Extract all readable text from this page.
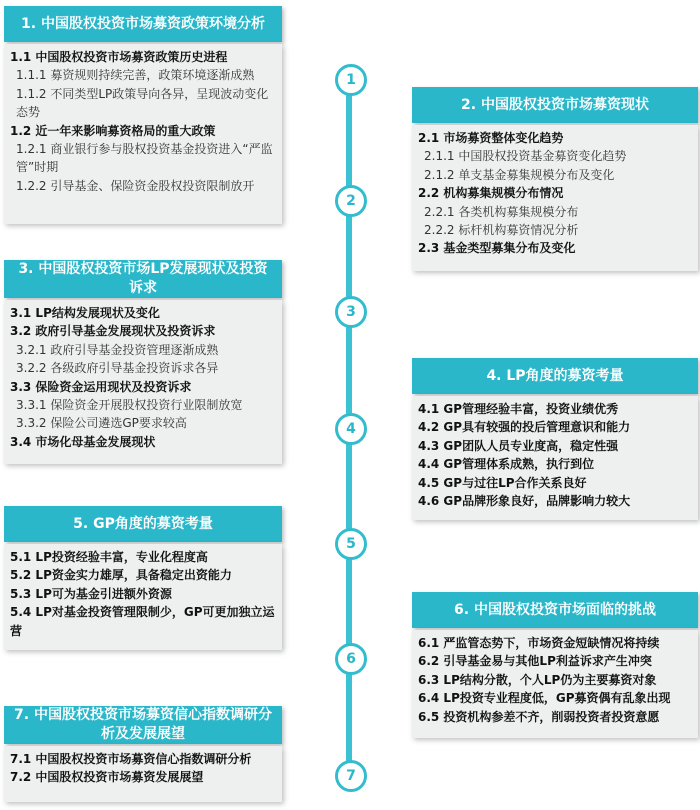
1
2
3
4
5
6
7
1. 中国股权投资市场募资政策环境分析
1.1 中国股权投资市场募资政策历史进程
1.1.1 募资规则持续完善，政策环境逐渐成熟
1.1.2 不同类型LP政策导向各异，呈现波动变化态势
1.2 近一年来影响募资格局的重大政策
1.2.1 商业银行参与股权投资基金投资进入“严监管”时期
1.2.2 引导基金、保险资金股权投资限制放开
2. 中国股权投资市场募资现状
2.1 市场募资整体变化趋势
2.1.1 中国股权投资基金募资变化趋势
2.1.2 单支基金募集规模分布及变化
2.2 机构募集规模分布情况
2.2.1 各类机构募集规模分布
2.2.2 标杆机构募资情况分析
2.3 基金类型募集分布及变化
3. 中国股权投资市场LP发展现状及投资诉求
3.1 LP结构发展现状及变化
3.2 政府引导基金发展现状及投资诉求
3.2.1 政府引导基金投资管理逐渐成熟
3.2.2 各级政府引导基金投资诉求各异
3.3 保险资金运用现状及投资诉求
3.3.1 保险资金开展股权投资行业限制放宽
3.3.2 保险公司遴选GP要求较高
3.4 市场化母基金发展现状
4. LP角度的募资考量
4.1 GP管理经验丰富，投资业绩优秀
4.2 GP具有较强的投后管理意识和能力
4.3 GP团队人员专业度高，稳定性强
4.4 GP管理体系成熟，执行到位
4.5 GP与过往LP合作关系良好
4.6 GP品牌形象良好，品牌影响力较大
5. GP角度的募资考量
5.1 LP投资经验丰富，专业化程度高
5.2 LP资金实力雄厚，具备稳定出资能力
5.3 LP可为基金引进额外资源
5.4 LP对基金投资管理限制少，GP可更加独立运营
6. 中国股权投资市场面临的挑战
6.1 严监管态势下，市场资金短缺情况将持续
6.2 引导基金易与其他LP利益诉求产生冲突
6.3 LP结构分散，个人LP仍为主要募资对象
6.4 LP投资专业程度低，GP募资偶有乱象出现
6.5 投资机构参差不齐，削弱投资者投资意愿
7. 中国股权投资市场募资信心指数调研分析及发展展望
7.1 中国股权投资市场募资信心指数调研分析
7.2 中国股权投资市场募资发展展望
